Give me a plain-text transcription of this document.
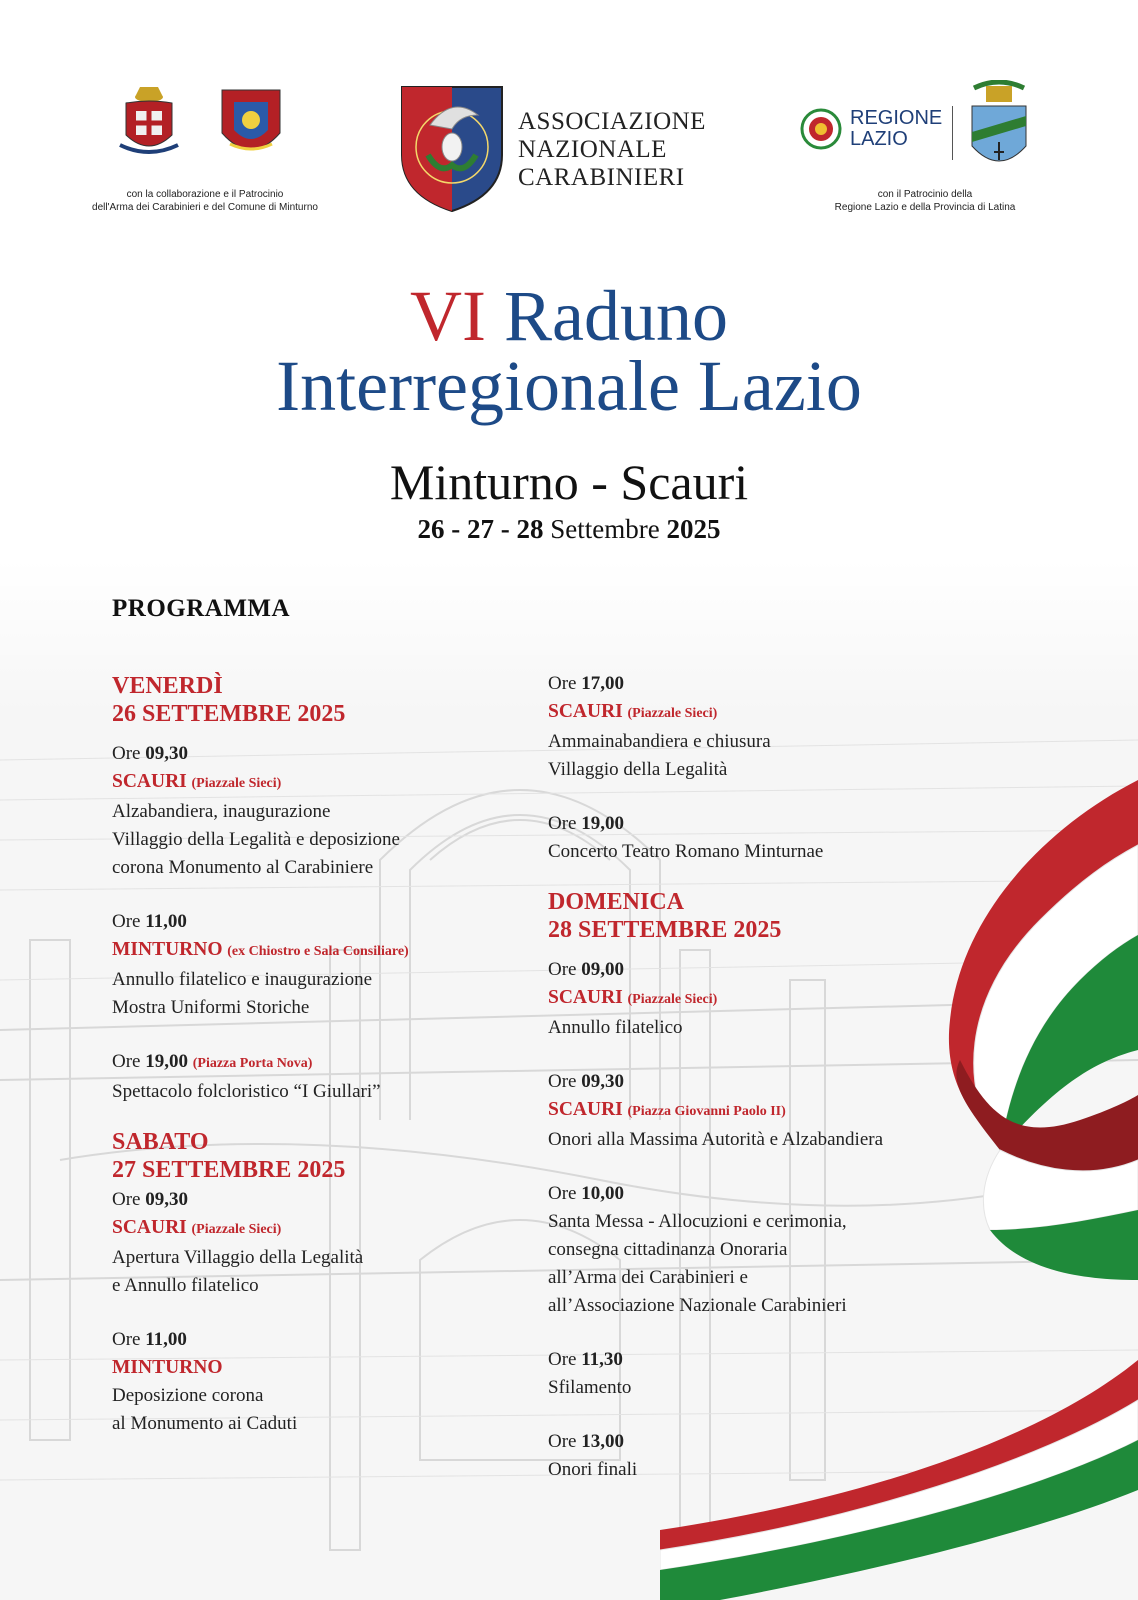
con la collaborazione e il Patrocinio
dell'Arma dei Carabinieri e del Comune di Minturno
ASSOCIAZIONE
NAZIONALE
CARABINIERI
REGIONE
LAZIO
con il Patrocinio della
Regione Lazio e della Provincia di Latina
VI Raduno
Interregionale Lazio
Minturno - Scauri
26 - 27 - 28 Settembre 2025
PROGRAMMA
VENERDÌ
26 SETTEMBRE 2025
Ore 09,30
SCAURI (Piazzale Sieci)
Alzabandiera, inaugurazione
Villaggio della Legalità e deposizione
corona Monumento al Carabiniere
Ore 11,00
MINTURNO (ex Chiostro e Sala Consiliare)
Annullo filatelico e inaugurazione
Mostra Uniformi Storiche
Ore 19,00 (Piazza Porta Nova)
Spettacolo folcloristico “I Giullari”
SABATO
27 SETTEMBRE 2025
Ore 09,30
SCAURI (Piazzale Sieci)
Apertura Villaggio della Legalità
e Annullo filatelico
Ore 11,00
MINTURNO
Deposizione corona
al Monumento ai Caduti
Ore 17,00
SCAURI (Piazzale Sieci)
Ammainabandiera e chiusura
Villaggio della Legalità
Ore 19,00
Concerto Teatro Romano Minturnae
DOMENICA
28 SETTEMBRE 2025
Ore 09,00
SCAURI (Piazzale Sieci)
Annullo filatelico
Ore 09,30
SCAURI (Piazza Giovanni Paolo II)
Onori alla Massima Autorità e Alzabandiera
Ore 10,00
Santa Messa - Allocuzioni e cerimonia,
consegna cittadinanza Onoraria
all’Arma dei Carabinieri e
all’Associazione Nazionale Carabinieri
Ore 11,30
Sfilamento
Ore 13,00
Onori finali
